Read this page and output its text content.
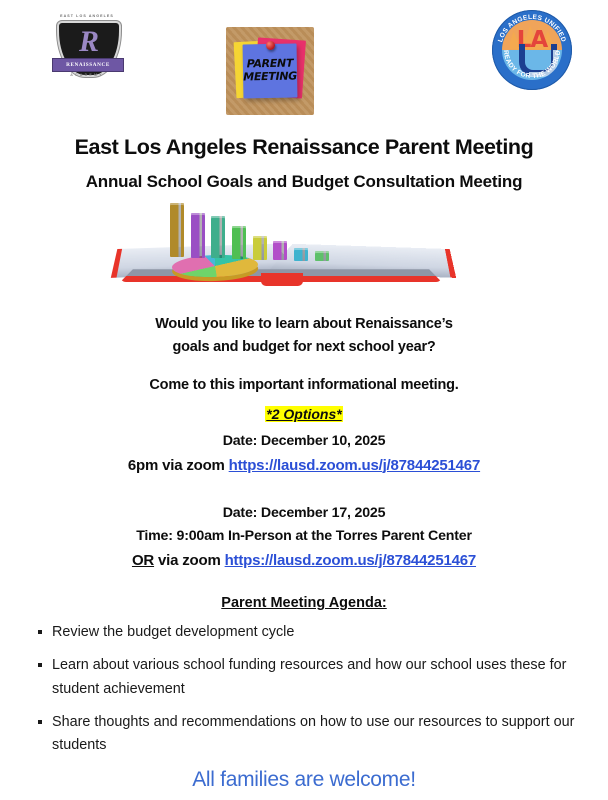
EAST LOS ANGELES
R
RENAISSANCE
ACADEMY
PARENT
MEETING
LA
LOS ANGELES UNIFIED
READY FOR THE WORLD
East Los Angeles Renaissance Parent Meeting
Annual School Goals and Budget Consultation Meeting
Would you like to learn about Renaissance’s
goals and budget for next school year?
Come to this important informational meeting.
*2 Options*
Date: December 10, 2025
6pm via zoom https://lausd.zoom.us/j/87844251467
Date: December 17, 2025
Time: 9:00am In-Person at the Torres Parent Center
OR via zoom https://lausd.zoom.us/j/87844251467
Parent Meeting Agenda:
Review the budget development cycle
Learn about various school funding resources and how our school uses these for student achievement
Share thoughts and recommendations on how to use our resources to support our students
All families are welcome!
